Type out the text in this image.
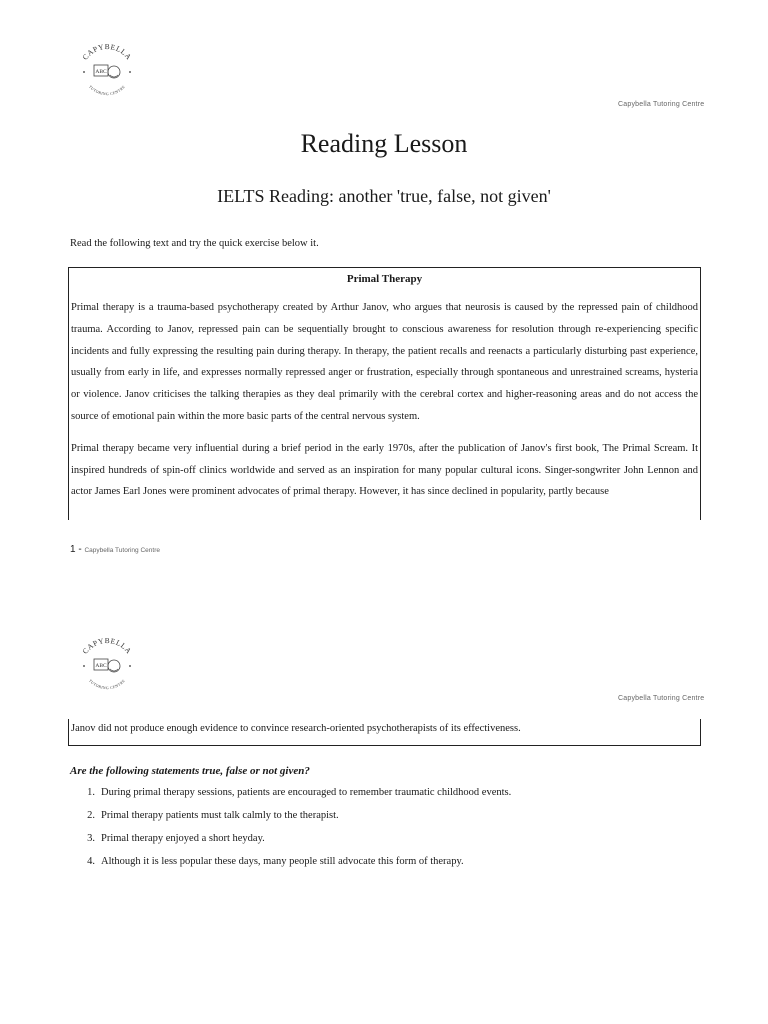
CAPYBELLA
ABC
TUTORING CENTRE
Capybella Tutoring Centre
Reading Lesson
IELTS Reading: another 'true, false, not given'
Read the following text and try the quick exercise below it.
Primal Therapy

Primal therapy is a trauma-based psychotherapy created by Arthur Janov, who argues that neurosis is caused by the repressed pain of childhood trauma. According to Janov, repressed pain can be sequentially brought to conscious awareness for resolution through re-experiencing specific incidents and fully expressing the resulting pain during therapy. In therapy, the patient recalls and reenacts a particularly disturbing past experience, usually from early in life, and expresses normally repressed anger or frustration, especially through spontaneous and unrestrained screams, hysteria or violence. Janov criticises the talking therapies as they deal primarily with the cerebral cortex and higher-reasoning areas and do not access the source of emotional pain within the more basic parts of the central nervous system.

Primal therapy became very influential during a brief period in the early 1970s, after the publication of Janov's first book, The Primal Scream. It inspired hundreds of spin-off clinics worldwide and served as an inspiration for many popular cultural icons. Singer-songwriter John Lennon and actor James Earl Jones were prominent advocates of primal therapy. However, it has since declined in popularity, partly because

1 - Capybella Tutoring Centre
CAPYBELLA
ABC
TUTORING CENTRE
Capybella Tutoring Centre
Janov did not produce enough evidence to convince research-oriented psychotherapists of its effectiveness.
Are the following statements true, false or not given?
1. During primal therapy sessions, patients are encouraged to remember traumatic childhood events.
2. Primal therapy patients must talk calmly to the therapist.
3. Primal therapy enjoyed a short heyday.
4. Although it is less popular these days, many people still advocate this form of therapy.
